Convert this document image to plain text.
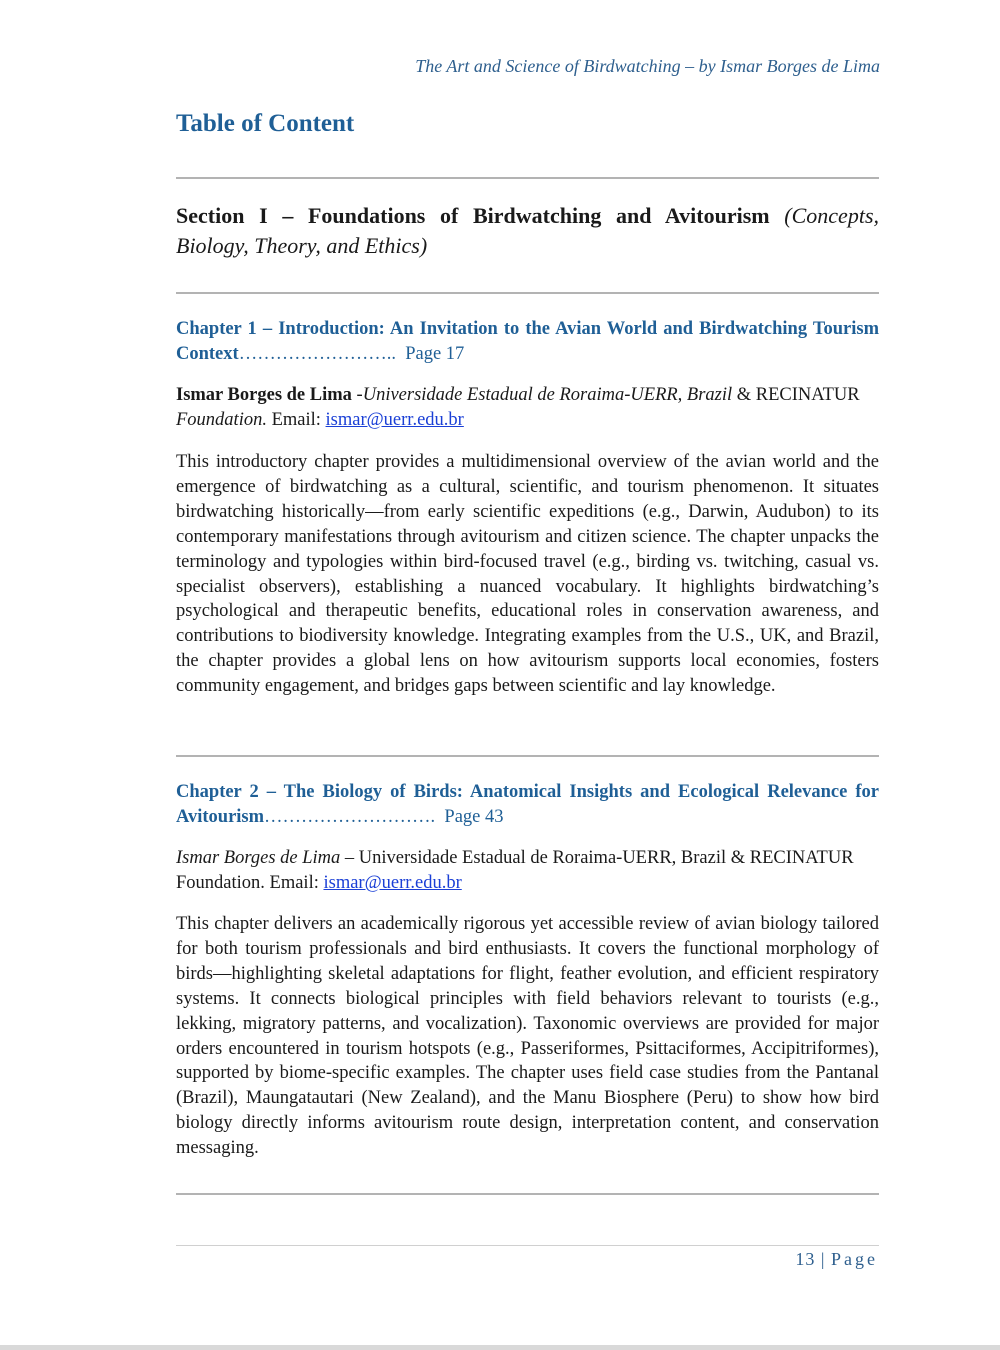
The Art and Science of Birdwatching – by Ismar Borges de Lima
Table of Content
Section I – Foundations of Birdwatching and Avitourism (Concepts, Biology, Theory, and Ethics)
Chapter 1 – Introduction: An Invitation to the Avian World and Birdwatching Tourism Context…………………….. Page 17
Ismar Borges de Lima -Universidade Estadual de Roraima-UERR, Brazil & RECINATUR Foundation. Email: ismar@uerr.edu.br
This introductory chapter provides a multidimensional overview of the avian world and the emergence of birdwatching as a cultural, scientific, and tourism phenomenon. It situates birdwatching historically—from early scientific expeditions (e.g., Darwin, Audubon) to its contemporary manifestations through avitourism and citizen science. The chapter unpacks the terminology and typologies within bird-focused travel (e.g., birding vs. twitching, casual vs. specialist observers), establishing a nuanced vocabulary. It highlights birdwatching’s psychological and therapeutic benefits, educational roles in conservation awareness, and contributions to biodiversity knowledge. Integrating examples from the U.S., UK, and Brazil, the chapter provides a global lens on how avitourism supports local economies, fosters community engagement, and bridges gaps between scientific and lay knowledge.
Chapter 2 – The Biology of Birds: Anatomical Insights and Ecological Relevance for Avitourism………………………. Page 43
Ismar Borges de Lima – Universidade Estadual de Roraima-UERR, Brazil & RECINATUR Foundation. Email: ismar@uerr.edu.br
This chapter delivers an academically rigorous yet accessible review of avian biology tailored for both tourism professionals and bird enthusiasts. It covers the functional morphology of birds—highlighting skeletal adaptations for flight, feather evolution, and efficient respiratory systems. It connects biological principles with field behaviors relevant to tourists (e.g., lekking, migratory patterns, and vocalization). Taxonomic overviews are provided for major orders encountered in tourism hotspots (e.g., Passeriformes, Psittaciformes, Accipitriformes), supported by biome-specific examples. The chapter uses field case studies from the Pantanal (Brazil), Maungatautari (New Zealand), and the Manu Biosphere (Peru) to show how bird biology directly informs avitourism route design, interpretation content, and conservation messaging.
13 | Page
